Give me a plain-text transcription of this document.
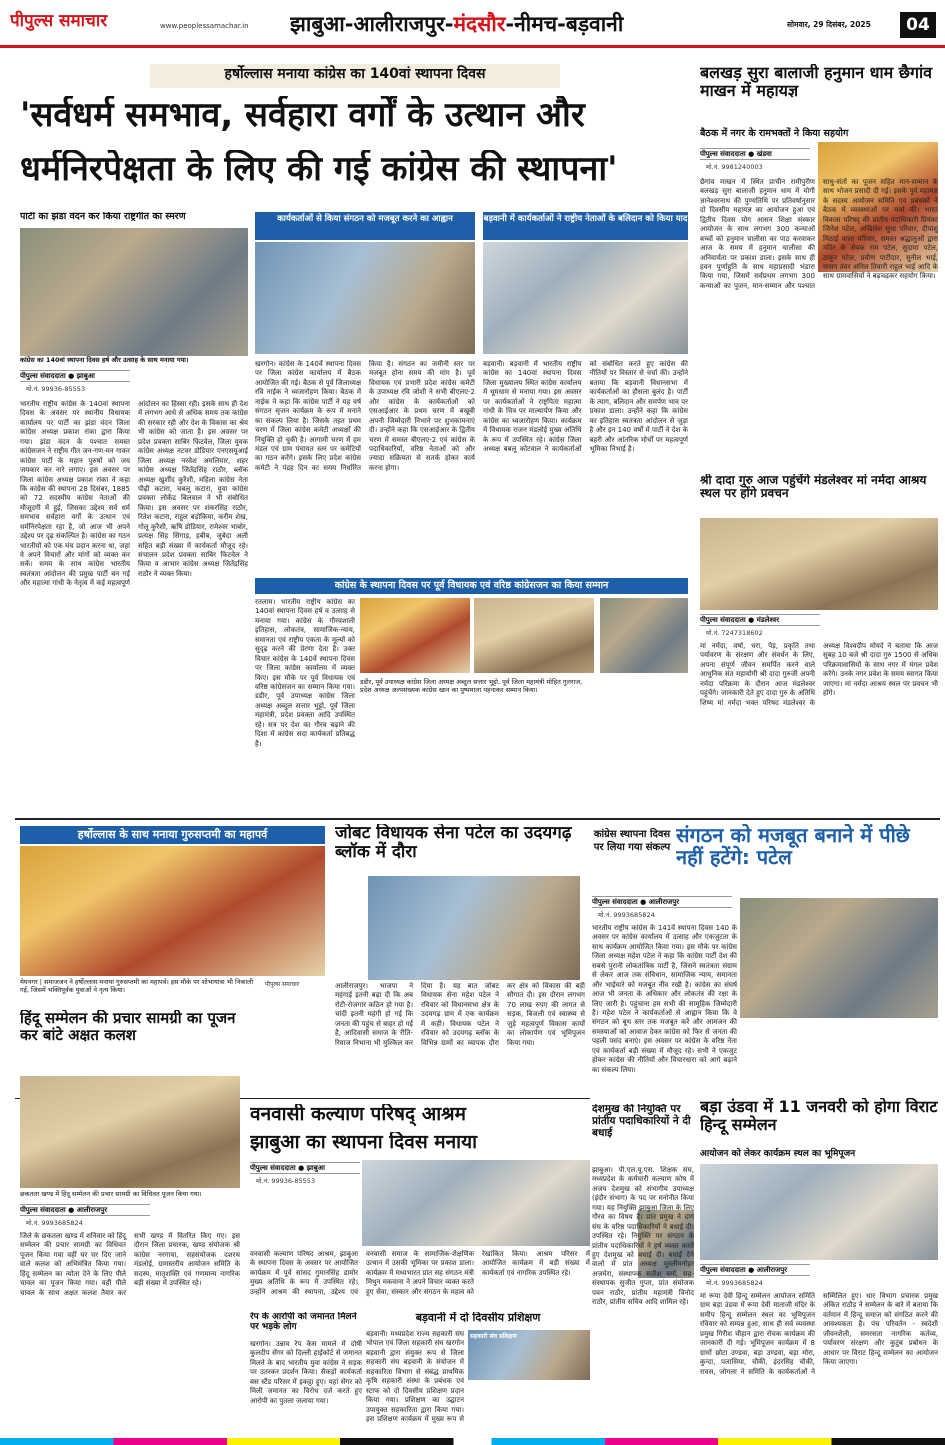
पीपुल्स समाचार	www.peoplessamachar.in	झाबुआ-आलीराजपुर-मंदसौर-नीमच-बड़वानी	सोमवार, 29 दिसंबर, 2025	04
हर्षोल्लास मनाया कांग्रेस का 140वां स्थापना दिवस
'सर्वधर्म समभाव, सर्वहारा वर्गों के उत्थान और
धर्मनिरपेक्षता के लिए की गई कांग्रेस की स्थापना'
पार्टी का झंडा वंदन कर किया राष्ट्रगीत का स्मरण
कांग्रेस का 140वां स्थापना दिवस हर्ष और उत्साह के साथ मनाया गया।
पीपुल्स संवाददाता ● झाबुआ
मो.नं. 99936-85553
भारतीय राष्ट्रीय कांग्रेस के 140वां स्थापना दिवस के अवसर पर स्थानीय विधायक कार्यालय पर पार्टी का झंडा वंदन जिला कांग्रेस अध्यक्ष प्रकाश रांका द्वारा किया गया। झंडा वंदन के पश्चात समस्त कांग्रेसजन ने राष्ट्रीय गीत जन-गण-मन गाकर कांग्रेस पार्टी के महान पुरुषों को जय जयकार कर नारे लगाए। इस अवसर पर जिला कांग्रेस अध्यक्ष प्रकाश रांका ने कहा कि कांग्रेस की स्थापना 28 दिसंबर, 1885 को 72 सदस्यीय कांग्रेस नेताओं की मौजूदगी में हुई, जिसका उद्देश्य सर्व धर्म समभाव सर्वहारा वर्गों के उत्थान एवं धर्मनिरपेक्षता रहा है, जो आज भी अपने उद्देश्य पर दृढ़ संकल्पित है। कांग्रेस का गठन भारतीयों को एक मंच प्रदान करना था, जहां वे अपने विचारों और मांगों को व्यक्त कर सकें। समय के साथ कांग्रेस भारतीय स्वतंत्रता आंदोलन की प्रमुख पार्टी बन गई और महात्मा गांधी के नेतृत्व में कई महत्वपूर्ण आंदोलन का हिस्सा रही। इसके साथ ही देश में लगभग आधे से अधिक समय तक कांग्रेस की सरकार रही और देश के विकास का श्रेय भी कांग्रेस को जाता है। इस अवसर पर प्रदेश प्रवक्ता साबिर फिटवेल, जिला युवक कांग्रेस अध्यक्ष नटवर डोडियार एनएसयूआई जिला अध्यक्ष नरवेश अमलियार, शहर कांग्रेस अध्यक्ष जितेंद्रसिंह राठौर, ब्लॉक अध्यक्ष खुर्शीद कुरैशी, महिला कांग्रेस नेता पीढ़ी कटारा, चबलू कटारा, युवा कांग्रेस प्रवक्ता लोकेंद्र बिलवाल ने भी संबोधित किया। इस अवसर पर शंकरसिंह राठौर, रितेश कटारा, राहुल बड़ोकिया, करीम शेख, गोलू कुरैशी, ऋषि डोडियार, रामेश्वर भाबोर, प्रत्यक्ष सिंह सिंगाड़, हबीब, जुबेदा अली सहित बड़ी संख्या में कार्यकर्ता मौजूद रहे। संचालन प्रदेश प्रवक्ता साबिर फिटवेल ने किया व आभार कांग्रेस अध्यक्ष जितेंद्रसिंह राठौर ने व्यक्त किया।
कार्यकर्ताओं से किया संगठन को मजबूत करने का आह्वान
खरगोन। कांग्रेस के 140वें स्थापना दिवस पर जिला कांग्रेस कार्यालय में बैठक आयोजित की गई। बैठक से पूर्व जिलाध्यक्ष रवि नाईक ने ध्वजारोहण किया। बैठक में नाईक ने कहा कि कांग्रेस पार्टी ने यह वर्ष संगठन सृजन कार्यक्रम के रूप में मनाने का संकल्प लिया है। जिसके तहत प्रथम चरण में जिला कांग्रेस कमेटी अध्यक्षों की नियुक्ति हो चुकी है। आगामी चरण में हम मंडल एवं ग्राम पंचायत स्तर पर कमेटियों का गठन करेंगे। इसके लिए प्रदेश कांग्रेस कमेटी ने पंद्रह दिन का समय निर्धारित किया है। संगठन का जमीनी स्तर पर मजबूत होना समय की मांग है। पूर्व विधायक एवं प्रभारी प्रदेश कांग्रेस कमेटी के उपाध्यक्ष रवि जोशी ने सभी बीएलए-2 और कांग्रेस के कार्यकर्ताओं को एसआईआर के प्रथम चरण में बखूबी अपनी जिम्मेदारी निभाने पर शुभकामनाएं दी। उन्होंने कहा कि एसआईआर के द्वितीय चरण में समस्त बीएलए-2 एवं कांग्रेस के पदाधिकारियों, वरिष्ठ नेताओं को और ज्यादा सक्रियता से सतर्क होकर कार्य करना होगा।
बड़वानी में कार्यकर्ताओं ने राष्ट्रीय नेताओं के बलिदान को किया याद
बड़वानी। बड़वानी में भारतीय राष्ट्रीय कांग्रेस का 140वां स्थापना दिवस जिला मुख्यालय स्थित कांग्रेस कार्यालय में धूमधाम से मनाया गया। इस अवसर पर कार्यकर्ताओं ने राष्ट्रपिता महात्मा गांधी के चित्र पर माल्यार्पण किया और कांग्रेस का ध्वजारोहण किया। कार्यक्रम में विधायक राजन मंडलोई मुख्य अतिथि के रूप में उपस्थित रहे। कांग्रेस जिला अध्यक्ष बबलू कोटवाल ने कार्यकर्ताओं को संबोधित करते हुए कांग्रेस की नीतियों पर विस्तार से चर्चा की। उन्होंने बताया कि बड़वानी विधानसभा में कार्यकर्ताओं का हौसला बुलंद है। पार्टी के त्याग, बलिदान और समर्पण भाव पर प्रकाश डाला। उन्होंने कहा कि कांग्रेस का इतिहास स्वतंत्रता आंदोलन से जुड़ा है और इन 140 वर्षों में पार्टी ने देश के बहरी और आंतरिक मोर्चों पर महत्वपूर्ण भूमिका निभाई है।
कांग्रेस के स्थापना दिवस पर पूर्व विधायक एवं वरिष्ठ कांग्रेसजन का किया सम्मान
रतलाम। भारतीय राष्ट्रीय कांग्रेस का 140वां स्थापना दिवस हर्ष व उत्साह से मनाया गया। कांग्रेस के गौरवशाली इतिहास, लोकतंत्र, सामाजिक-न्याय, समानता एवं राष्ट्रीय एकता के मूल्यों को सुदृढ़ करने की प्रेरणा देता है। उक्त विचार कांग्रेस के 140वें स्थापना दिवस पर जिला कांग्रेस कार्यालय में व्यक्त किए। इस मौके पर पूर्व विधायक एवं वरिष्ठ कांग्रेसजन का सम्मान किया गया। डडीर, पूर्व उपाध्यक्ष कांग्रेस जिला अध्यक्ष अब्दुल सत्तार भुट्टो, पूर्व जिला महामंत्री, प्रदेश प्रवक्ता आदि उपस्थित रहे। सत्र पर देश का गौरव बढ़ाने की दिशा में कांग्रेस सदा कार्यकर्ता प्रतिबद्ध है।
डडीर, पूर्व उपाध्यक्ष कांग्रेस जिला अध्यक्ष अब्दुल सत्तार भुट्टो, पूर्व जिला महामंत्री मोहित गुलराज, प्रदेश अध्यक्ष अल्पसंख्यक कांग्रेस खान का पुष्पमाला पहनाकर सम्मान किया।
बलखड़ सुरा बालाजी हनुमान धाम छैगांव माखन में महायज्ञ
बैठक में नगर के रामभक्तों ने किया सहयोग
पीपुल्स संवाददाता ● खंडवा
मो.नं. 9981240003
छैगांव माखन में स्थित प्राचीन रामीपुरीण बलखड़ सुरा बालाजी हनुमान धाम में योगी ज्ञानेश्वरनाथ की पुण्यतिथि पर प्रतिवर्षानुसार दो दिवसीय महायज्ञ का आयोजन हुआ एवं द्वितीय दिवस योग आसन शिक्षा संस्कार आयोजन के साथ लगभग 300 कन्याओं बच्चों को हनुमान चालीसा का पाठ करवाकर आज के समय में हनुमान चालीसा की अनिवार्यता पर प्रकाश डाला। इसके साथ ही हवन पूर्णाहुति के साथ महाप्रसादी भंडारा किया गया, जिसमें सर्वप्रथम लगभग 300 कन्याओं का पूजन, मान-सम्मान और पश्चात साधु-संतों का पूजन सहित मान-सम्मान के साथ भोजन प्रसादी दी गई। इसके पूर्व महायज्ञ के सदस्य आयोजन समिति एवं प्रबंधकों ने बैठक में व्यवस्थाओं पर चर्चा की। भारत विकास परिषद् की प्रांतीय पदाधिकारी प्रियंका जिनेश पटेल, अखिलेश सुधा परिवार, दीपांशु मिठाई वाला परिवार, समस्त श्रद्धालुओं द्वारा मंदिर के सेवक राम पटेल, सुदामा पटेल, ठाकुर पटेल, प्रवीण पाटीदार, सुनील भाई, वासन तंवर अनिल तिवारी राहुल भाई आदि के साथ ग्रामवासियों ने बढ़चढ़कर सहयोग किया।
श्री दादा गुरु आज पहुंचेंगे मंडलेश्वर मां नर्मदा आश्रय स्थल पर होंगे प्रवचन
पीपुल्स संवाददाता ● मंडलेश्वर
मो.नं. 7247318602
मां नर्मदा, वर्षा, धरा, पेड़, प्रकृति तथा पर्यावरण के संरक्षण और संवर्धन के लिए, अपना संपूर्ण जीवन समर्पित करने वाले आधुनिक संत महायोगी श्री दादा गुरुजी अपनी नर्मदा परिक्रमा के दौरान आज मंडलेश्वर पहुंचेंगे। जानकारी देते हुए दादा गुरु के अतिथि शिष्य मां नर्मदा भक्त परिषद मंडलेश्वर के अध्यक्ष विश्वदीप मोयदे ने बताया कि आज सुबह 10 बजे श्री दादा गुरु 1500 से अधिक परिक्रमावासियों के साथ नगर में मंगल प्रवेश करेंगे। उनके नगर प्रवेश के समय स्वागत किया जाएगा। मां नर्मदा आश्रय स्थल पर प्रवचन भी होंगे।
हर्षोल्लास के साथ मनाया गुरुसप्तमी का महापर्व
मेघनगर | समाजजन ने हर्षोल्लास मनाया गुरुसप्तमी का महापर्व। इस मौके पर शोभायात्रा भी निकाली गई, जिसमें भक्तिपूर्वक युवाओं ने नृत्य किया।
पीपुल्स समाचार
जोबट विधायक सेना पटेल का उदयगढ़ ब्लॉक में दौरा
आलीराजपुर। भाजपा ने महंगाई इतनी बढ़ा दी कि अब रोटी-रोजगार कठिन हो गया है। चांदी इतनी महंगी हो गई कि जनता की पहुंच से बाहर हो गई है, आदिवासी समाज के रीति-रिवाज निभाना भी मुश्किल कर दिया है। यह बात जोबट विधायक सेना महेश पटेल ने रविवार को विधानसभा क्षेत्र के उदयगढ़ ग्राम में एक कार्यक्रम में कही। विधायक पटेल ने रविवार को उदयगढ़ ब्लॉक के विभिन्न ग्रामों का व्यापक दौरा कर क्षेत्र को विकास की बड़ी सौगात दी। इस दौरान लगभग 70 लाख रुपए की लागत से सड़क, बिजली एवं स्वास्थ्य से जुड़े महत्वपूर्ण विकास कार्यों का लोकार्पण एवं भूमिपूजन किया गया।
कांग्रेस स्थापना दिवस पर लिया गया संकल्प
संगठन को मजबूत बनाने में पीछे नहीं हटेंगे: पटेल
पीपुल्स संवाददाता ● आलीराजपुर
मो.नं. 9993685824
भारतीय राष्ट्रीय कांग्रेस के 141वें स्थापना दिवस 140 के अवसर पर कांग्रेस कार्यालय में उत्साह और एकजुटता के साथ कार्यक्रम आयोजित किया गया। इस मौके पर कांग्रेस जिला अध्यक्ष महेश पटेल ने कहा कि कांग्रेस पार्टी देश की सबसे पुरानी लोकतांत्रिक पार्टी है, जिसने स्वतंत्रता संग्राम से लेकर आज तक संविधान, सामाजिक न्याय, समानता और भाईचारे को मजबूत नींव रखी है। कांग्रेस का संघर्ष आज भी जनता के अधिकार और लोकतंत्र की रक्षा के लिए जारी है। पहुंचाना हम सभी की सामूहिक जिम्मेदारी है। महेश पटेल ने कार्यकर्ताओं से आह्वान किया कि वे संगठन को बूथ स्तर तक मजबूत करें और आमजन की समस्याओं को आवाज देकर कांग्रेस को फिर से जनता की पहली पसंद बनाएं। इस अवसर पर कांग्रेस के वरिष्ठ नेता एवं कार्यकर्ता बड़ी संख्या में मौजूद रहे। सभी ने एकजुट होकर कांग्रेस की नीतियों और विचारधारा को आगे बढ़ाने का संकल्प लिया।
हिंदू सम्मेलन की प्रचार सामग्री का पूजन कर बांटे अक्षत कलश
छकतला खण्ड में हिंदू सम्मेलन की प्रचार सामग्री का विधिवत पूजन किया गया।
पीपुल्स संवाददाता ● आलीराजपुर
मो.नं. 9993685824
जिले के छकतला खण्ड में शनिवार को हिंदू सम्मेलन की प्रचार सामग्री का विधिवत पूजन किया गया वहीं घर घर दिए जाने वाले कलश को अभिमंत्रित किया गया। हिंदू सम्मेलन का न्योता देने के लिए पीले चावल का पूजन किया गया। वहीं पीले चावल के साथ अक्षत कलश तैयार कर सभी खण्ड में वितरित किए गए। इस दौरान जिला प्रचारक, खण्ड संयोजक श्री कांग्रेस नरगावा, सहसंयोजक दशरथ मंडलोई, ग्रामस्तरीय आयोजन समिति के सदस्य, मातृशक्ति एवं गणमान्य नागरिक बड़ी संख्या में उपस्थित रहे।
वनवासी कल्याण परिषद् आश्रम
झाबुआ का स्थापना दिवस मनाया
पीपुल्स संवाददाता ● झाबुआ
मो.नं. 99936-85553
वनवासी कल्याण परिषद आश्रम, झाबुआ के स्थापना दिवस के अवसर पर आयोजित कार्यक्रम में पूर्व सांसद गुमानसिंह डामोर मुख्य अतिथि के रूप में उपस्थित रहे। उन्होंने आश्रम की स्थापना, उद्देश्य एवं वनवासी समाज के सामाजिक-शैक्षणिक उत्थान में उसकी भूमिका पर प्रकाश डाला। कार्यक्रम में मध्यभारत प्रांत सह संगठन मंत्री मिथुन मकवाना ने अपने विचार व्यक्त करते हुए सेवा, संस्कार और संगठन के महत्व को रेखांकित किया। आश्रम परिसर में आयोजित कार्यक्रम में बड़ी संख्या में कार्यकर्ता एवं नागरिक उपस्थित रहे।
रेप के आरोपी को जमानत मिलने पर भड़के लोग
खरगोन। उन्नाव रेप केस मामले में दोषी कुलदीप सेंगर को दिल्ली हाईकोर्ट से जमानत मिलने के बाद भारतीय युवा कांग्रेस ने सड़क पर उतरकर प्रदर्शन किया। सैकड़ों कार्यकर्ता बस स्टैंड परिसर में इकट्ठा हुए। यहां सेंगर को मिली जमानत का विरोध दर्ज करते हुए आरोपी का पुतला जलाया गया।
देशमुख की नियुक्ति पर प्रांतीय पदाधिकारियों ने दी बधाई
झाबुआ। पी.एल.यू.एस. शिक्षक संघ, मध्यप्रदेश के कर्मचारी कल्याण कोष में अजय देशमुख को संभागीय उपाध्यक्ष (इंदौर संभाग) के पद पर मनोनीत किया गया। यह नियुक्ति झाबुआ जिला के लिए गौरव का विषय है। प्रांत प्रमुख ने दाग संघ के वरिष्ठ पदाधिकारियों ने बधाई दी। उपस्थित रहे। नियुक्ति पर संगठन के प्रांतीय पदाधिकारियों ने हर्ष व्यक्त करते हुए देशमुख को बधाई दी। बधाई देने वालों में प्रांत अध्यक्ष मुरलीमनोहर अजमेरा, संस्थापक सतीश वर्मा, सह-संस्थापक सुजीत गुप्ता, प्रांत संयोजक पवन राठौर, प्रांतीय महामंत्री विनोद राठौर, प्रांतीय सचिव आदि शामिल रहे।
बड़वानी में दो दिवसीय प्रशिक्षण
सहकारी संघ प्रशिक्षण
बड़वानी। मध्यप्रदेश राज्य सहकारी संघ भोपाल एवं जिला सहकारी संघ खरगोन बड़वानी द्वारा संयुक्त रूप से जिला सहकारी संघ बड़वानी के संयोजन में सहकारिता विभाग से संबंद्ध प्राथमिक कृषि सहकारी संस्था के प्रबंधक एवं स्टाफ को दो दिवसीय प्रशिक्षण प्रदान किया गया। प्रशिक्षण का उद्घाटन उपायुक्त सहकारिता द्वारा किया गया। इस प्रशिक्षण कार्यक्रम में मुख्य रूप से
बड़ा उंडवा में 11 जनवरी को होगा विराट हिन्दू सम्मेलन
आयोजन को लेकर कार्यक्रम स्थल का भूमिपूजन
पीपुल्स संवाददाता ● आलीराजपुर
मो.नं. 9993685824
मां रूपा देवी हिन्दू सम्मेलन आयोजन समिति ग्राम बड़ा उंडवा में रूपा देवी माताजी मंदिर के समीप हिन्दू सम्मेलन स्थल का भूमिपूजन रविवार को सम्पन्न हुआ, साथ ही सर्व व्यवस्था प्रमुख गिरीश चौहान द्वारा रोचक कार्यक्रम की जानकारी दी गई। भूमिपूजन कार्यक्रम में 8 ग्रामों छोटा उण्डवा, बड़ा उण्डवा, बड़ा मोरा, कुन्दा, पलासिया, चौकी, इंदरसिंह चौकी, रावस, जोगला ने समिति के कार्यकर्ताओं ने सम्मिलित हुए। धार विभाग प्रचारक प्रमुख अंकित राठौड़ ने सम्मेलन के बारे में बताया कि वर्तमान में हिन्दू समाज को संगठित करने की आवश्यकता है। पंच परिवर्तन - स्वदेशी जीवनशैली, समरसता नागरिक कर्तव्य, पर्यावरण संरक्षण और कुटुंब प्रबोधन के आधार पर विराट हिन्दू सम्मेलन का आयोजन किया जाएगा।
